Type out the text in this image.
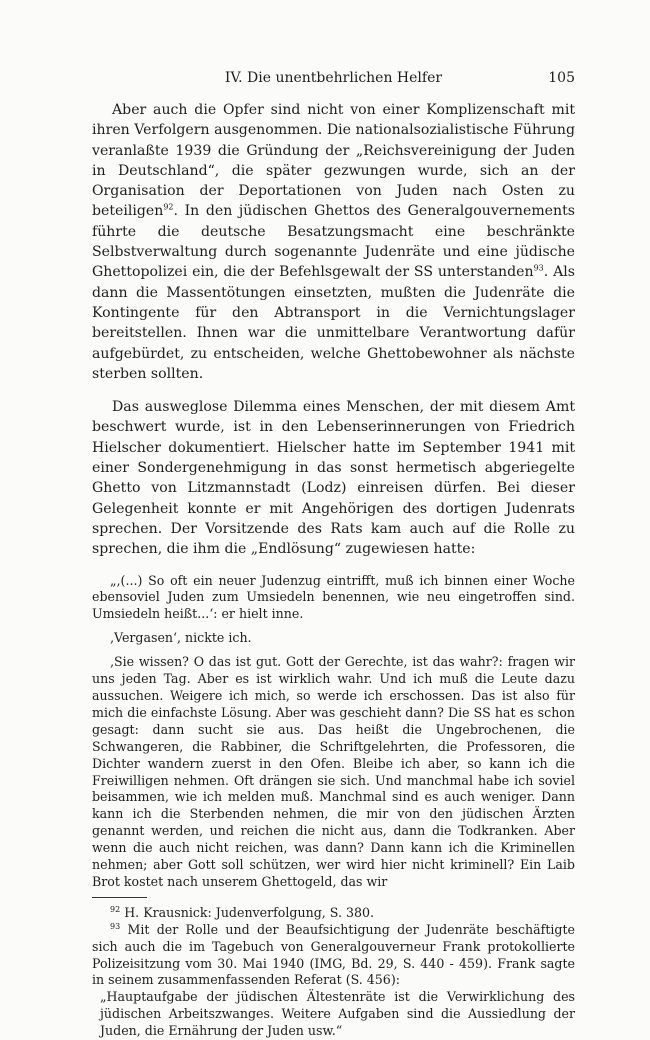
IV. Die unentbehrlichen Helfer	105

Aber auch die Opfer sind nicht von einer Komplizenschaft mit ihren Verfolgern ausgenommen. Die nationalsozialistische Führung veranlaßte 1939 die Gründung der „Reichsvereinigung der Juden in Deutschland“, die später gezwungen wurde, sich an der Organisation der Deportationen von Juden nach Osten zu beteiligen$^{92}$. In den jüdischen Ghettos des Generalgouvernements führte die deutsche Besatzungsmacht eine beschränkte Selbstverwaltung durch sogenannte Judenräte und eine jüdische Ghettopolizei ein, die der Befehlsgewalt der SS unterstanden$^{93}$. Als dann die Massentötungen einsetzten, mußten die Judenräte die Kontingente für den Abtransport in die Vernichtungslager bereitstellen. Ihnen war die unmittelbare Verantwortung dafür aufgebürdet, zu entscheiden, welche Ghettobewohner als nächste sterben sollten.

Das ausweglose Dilemma eines Menschen, der mit diesem Amt beschwert wurde, ist in den Lebenserinnerungen von Friedrich Hielscher dokumentiert. Hielscher hatte im September 1941 mit einer Sondergenehmigung in das sonst hermetisch abgeriegelte Ghetto von Litzmannstadt (Lodz) einreisen dürfen. Bei dieser Gelegenheit konnte er mit Angehörigen des dortigen Judenrats sprechen. Der Vorsitzende des Rats kam auch auf die Rolle zu sprechen, die ihm die „Endlösung“ zugewiesen hatte:

„‚(...) So oft ein neuer Judenzug eintrifft, muß ich binnen einer Woche ebensoviel Juden zum Umsiedeln benennen, wie neu eingetroffen sind. Umsiedeln heißt...‘: er hielt inne.

‚Vergasen‘, nickte ich.

‚Sie wissen? O das ist gut. Gott der Gerechte, ist das wahr?: fragen wir uns jeden Tag. Aber es ist wirklich wahr. Und ich muß die Leute dazu aussuchen. Weigere ich mich, so werde ich erschossen. Das ist also für mich die einfachste Lösung. Aber was geschieht dann? Die SS hat es schon gesagt: dann sucht sie aus. Das heißt die Ungebrochenen, die Schwangeren, die Rabbiner, die Schriftgelehrten, die Professoren, die Dichter wandern zuerst in den Ofen. Bleibe ich aber, so kann ich die Freiwilligen nehmen. Oft drängen sie sich. Und manchmal habe ich soviel beisammen, wie ich melden muß. Manchmal sind es auch weniger. Dann kann ich die Sterbenden nehmen, die mir von den jüdischen Ärzten genannt werden, und reichen die nicht aus, dann die Todkranken. Aber wenn die auch nicht reichen, was dann? Dann kann ich die Kriminellen nehmen; aber Gott soll schützen, wer wird hier nicht kriminell? Ein Laib Brot kostet nach unserem Ghettogeld, das wir

$^{92}$ H. Krausnick: Judenverfolgung, S. 380.

$^{93}$ Mit der Rolle und der Beaufsichtigung der Judenräte beschäftigte sich auch die im Tagebuch von Generalgouverneur Frank protokollierte Polizeisitzung vom 30. Mai 1940 (IMG, Bd. 29, S. 440 - 459). Frank sagte in seinem zusammenfassenden Referat (S. 456):

„Hauptaufgabe der jüdischen Ältestenräte ist die Verwirklichung des jüdischen Arbeitszwanges. Weitere Aufgaben sind die Aussiedlung der Juden, die Ernährung der Juden usw.“
